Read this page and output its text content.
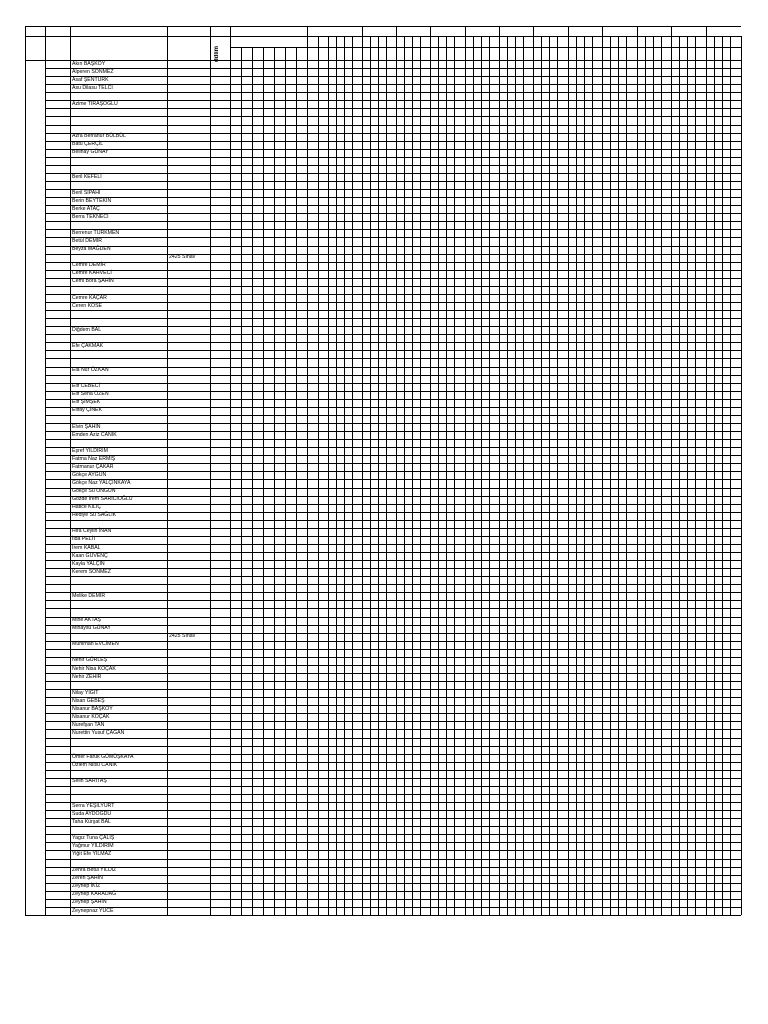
ddlim
Akın BAŞKÖY
Alperen SÖNMEZ
Asaf ŞENTÜRK
Asu Dilasu TELCİ
Azime TIRAŞOĞLU
Azra Berranur BÜLBÜL
Batu ÇERÇİL
Belinay GÜNAY
Beril KEFELİ
Beril SİPAHİ
Berin BEYTEKİN
Berke ATAÇ
Berra TEKNECİ
Berrenur TÜRKMEN
Betül DEMİR
Beyza MAĞDEN
2425 Sınav
Cemre DEMİR
Cemre KAHVECİ
Cemi Bora ŞAHİN
Cemre KAÇAR
Ceren KÖSE
Diğdem BAL
Efe ÇAKMAK
Ela Nur ÖZKAN
Elif CEBECİ
Elif Sena ÖZEN
Elif ŞİMŞEK
Elifay ÇİNEK
Elvin ŞAHİN
Emden Aziz CANIK
Eşref YILDIRIM
Fatma Naz ERMİŞ
Fatmanur ÇAKAR
Gökçe AYGÜN
Gökçe Naz YALÇINKAYA
Gökçe Su ONGUN
Gözde İrem SARICIOĞLU
Hatice KILIÇ
Hediye Su SAĞLIK
Hira Ceylin İNAN
İlda PELİT
İrem KABAL
Kaan GÜVENÇ
Kayla YALÇIN
Kerem SÖNMEZ
Melike DEMİR
Mine AKTAŞ
Minaysu GÜNAY
2425 Sınav
Muhirhan EVCİMEN
Nehir GÜRLEŞ
Nehir Nisa KOÇAK
Nehir ZEHİR
Nilay YİĞİT
Nisan GEBEŞ
Nisanur BAŞKÖY
Nisanur KOÇAK
Nurefşan TAN
Nurettin Yusuf ÇAĞAN
Ömer Faruk GÜMÜŞKAYA
Özlem Nilsu CANIK
Selin SARITAŞ
Serra YEŞİLYURT
Suda AYDOĞDU
Taha Kürşat BAL
Yagız Tuna ÇALIŞ
Yağmur YILDIRIM
Yiğit Efe YILMAZ
Zehra Betül YILDIZ
Zeren ŞAHİN
Zeynep İKİZ
Zeynep KARADAĞ
Zeynep ŞAHİN
Zeynepnaz YÜCE
